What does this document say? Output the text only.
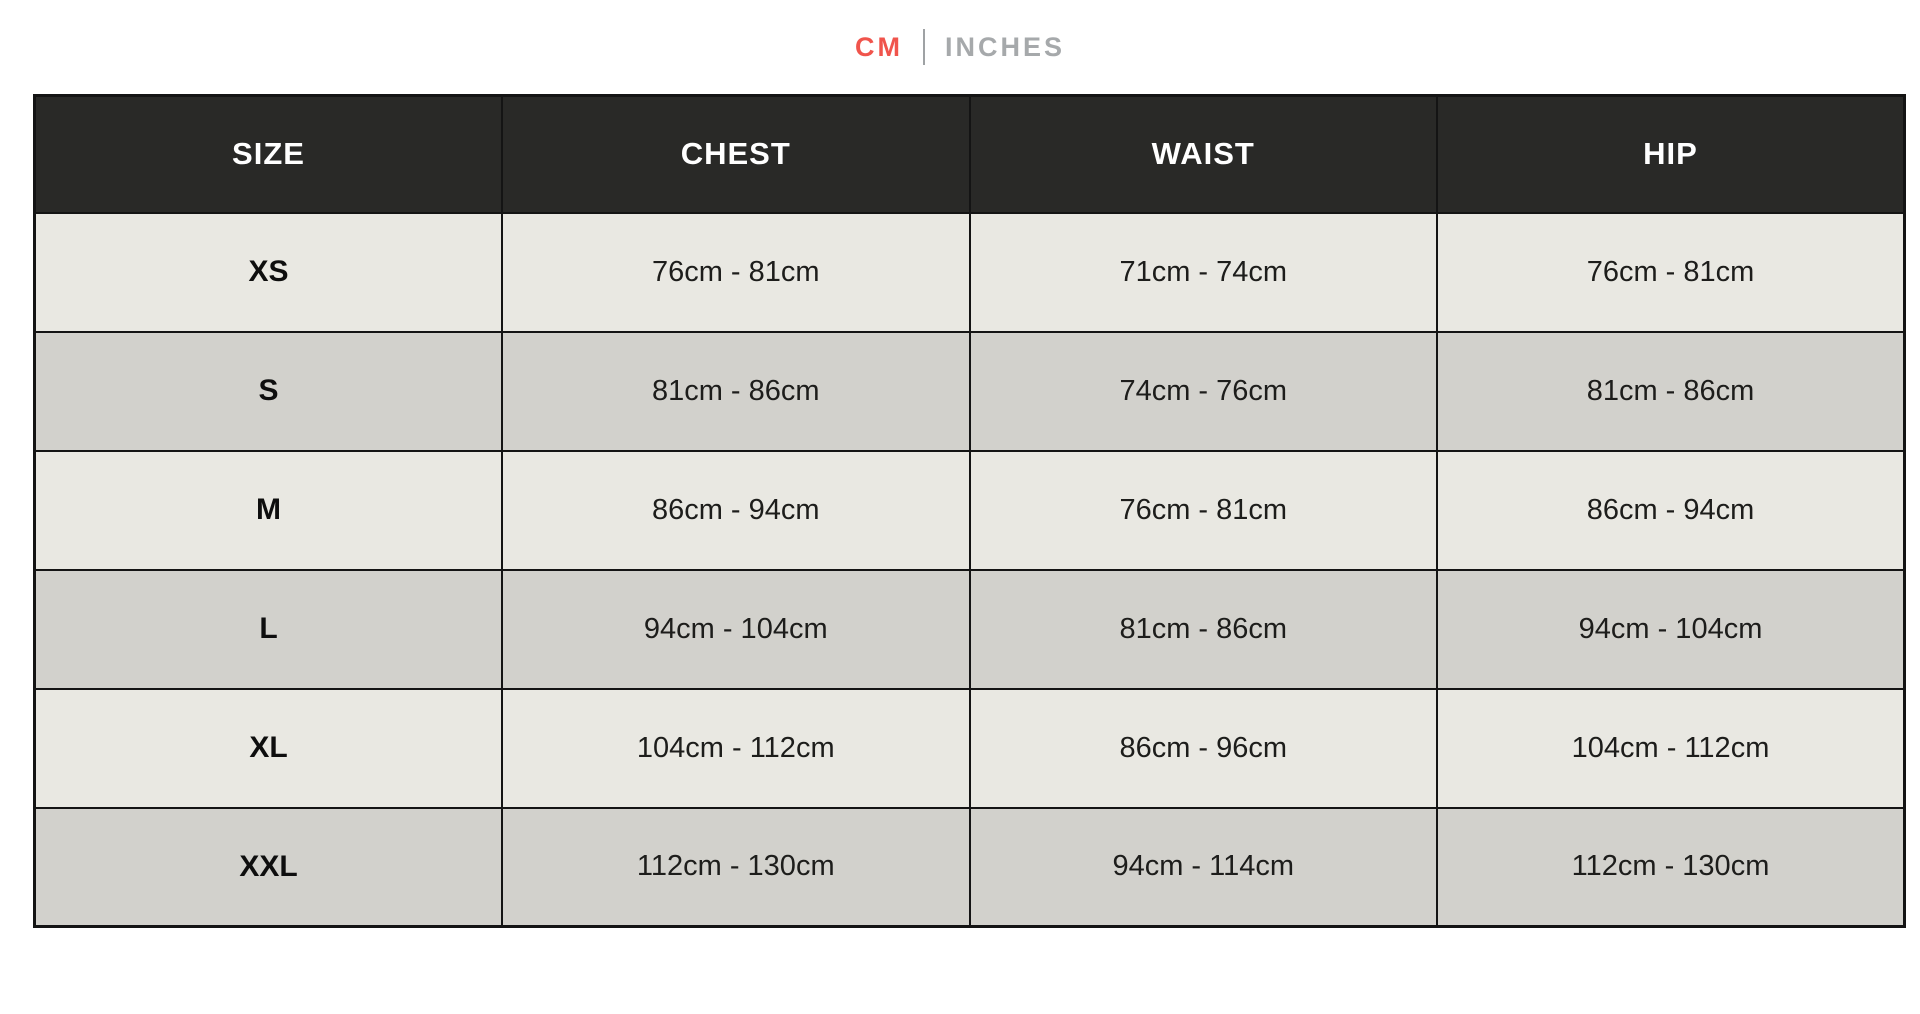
CM INCHES
SIZE	CHEST	WAIST	HIP
XS	76cm - 81cm	71cm - 74cm	76cm - 81cm
S	81cm - 86cm	74cm - 76cm	81cm - 86cm
M	86cm - 94cm	76cm - 81cm	86cm - 94cm
L	94cm - 104cm	81cm - 86cm	94cm - 104cm
XL	104cm - 112cm	86cm - 96cm	104cm - 112cm
XXL	112cm - 130cm	94cm - 114cm	112cm - 130cm
